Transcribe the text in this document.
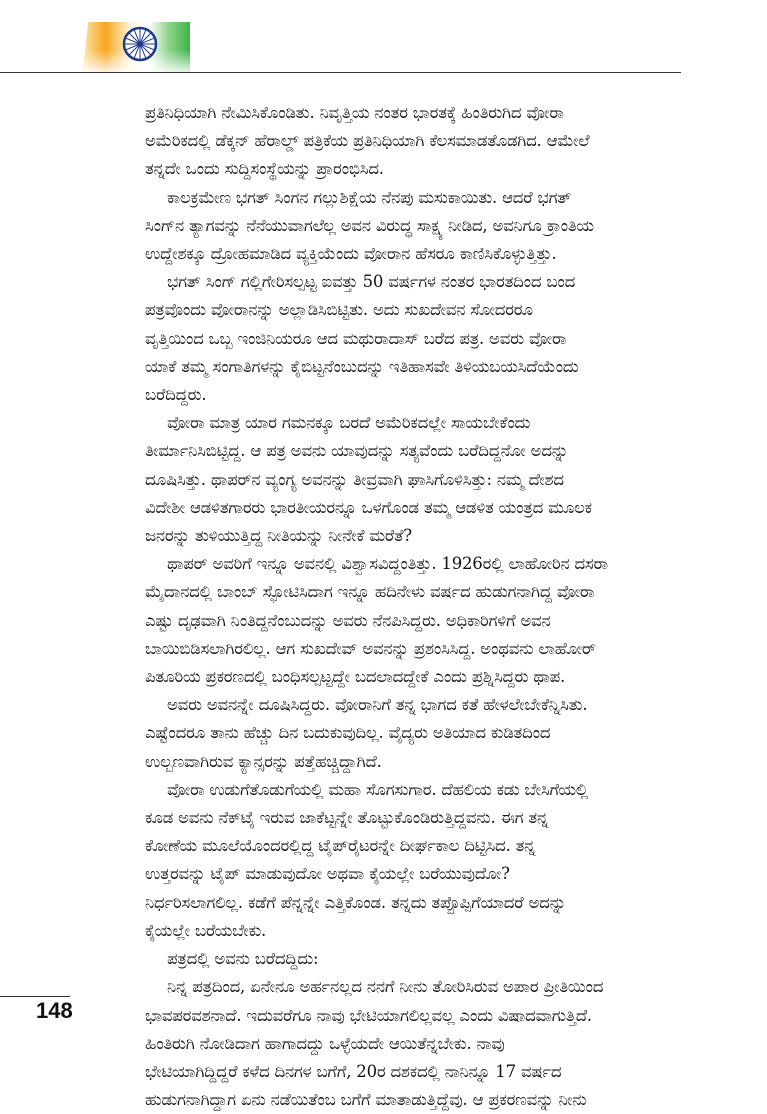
ಪ್ರತಿನಿಧಿಯಾಗಿ ನೇಮಿಸಿಕೊಂಡಿತು. ನಿವೃತ್ತಿಯ ನಂತರ ಭಾರತಕ್ಕೆ ಹಿಂತಿರುಗಿದ ವೋರಾ
ಅಮೆರಿಕದಲ್ಲಿ ಡೆಕ್ಕನ್ ಹೆರಾಲ್ಡ್ ಪತ್ರಿಕೆಯ ಪ್ರತಿನಿಧಿಯಾಗಿ ಕೆಲಸಮಾಡತೊಡಗಿದ. ಆಮೇಲೆ
ತನ್ನದೇ ಒಂದು ಸುದ್ದಿಸಂಸ್ಥೆಯನ್ನು ಪ್ರಾರಂಭಿಸಿದ.

ಕಾಲಕ್ರಮೇಣ ಭಗತ್ ಸಿಂಗನ ಗಲ್ಲುಶಿಕ್ಷೆಯ ನೆನಪು ಮಸುಕಾಯಿತು. ಆದರೆ ಭಗತ್
ಸಿಂಗ್‌ನ ತ್ಯಾಗವನ್ನು ನೆನೆಯುವಾಗಲೆಲ್ಲ ಅವನ ವಿರುದ್ಧ ಸಾಕ್ಷ್ಯ ನೀಡಿದ, ಅವನಿಗೂ ಕ್ರಾಂತಿಯ
ಉದ್ದೇಶಕ್ಕೂ ದ್ರೋಹಮಾಡಿದ ವ್ಯಕ್ತಿಯೆಂದು ವೋರಾನ ಹೆಸರೂ ಕಾಣಿಸಿಕೊಳ್ಳುತ್ತಿತ್ತು.

ಭಗತ್ ಸಿಂಗ್ ಗಲ್ಲಿಗೇರಿಸಲ್ಪಟ್ಟ ಐವತ್ತು 50 ವರ್ಷಗಳ ನಂತರ ಭಾರತದಿಂದ ಬಂದ
ಪತ್ರವೊಂದು ವೋರಾನನ್ನು ಅಲ್ಲಾಡಿಸಿಬಿಟ್ಟಿತು. ಅದು ಸುಖದೇವನ ಸೋದರರೂ
ವೃತ್ತಿಯಿಂದ ಒಬ್ಬ ಇಂಜಿನಿಯರೂ ಆದ ಮಥುರಾದಾಸ್ ಬರೆದ ಪತ್ರ. ಅವರು ವೋರಾ
ಯಾಕೆ ತಮ್ಮ ಸಂಗಾತಿಗಳನ್ನು ಕೈಬಿಟ್ಟನೆಂಬುದನ್ನು ಇತಿಹಾಸವೇ ತಿಳಿಯಬಯಸಿದೆಯೆಂದು
ಬರೆದಿದ್ದರು.

ವೋರಾ ಮಾತ್ರ ಯಾರ ಗಮನಕ್ಕೂ ಬರದೆ ಅಮೆರಿಕದಲ್ಲೇ ಸಾಯಬೇಕೆಂದು
ತೀರ್ಮಾನಿಸಿಬಿಟ್ಟಿದ್ದ. ಆ ಪತ್ರ ಅವನು ಯಾವುದನ್ನು ಸತ್ಯವೆಂದು ಬರೆದಿದ್ದನೋ ಅದನ್ನು
ದೂಷಿಸಿತ್ತು. ಥಾಪರ್‌ನ ವ್ಯಂಗ್ಯ ಅವನನ್ನು ತೀವ್ರವಾಗಿ ಘಾಸಿಗೊಳಿಸಿತ್ತು: ನಮ್ಮ ದೇಶದ
ವಿದೇಶೀ ಆಡಳಿತಗಾರರು ಭಾರತೀಯರನ್ನೂ ಒಳಗೊಂಡ ತಮ್ಮ ಆಡಳಿತ ಯಂತ್ರದ ಮೂಲಕ
ಜನರನ್ನು ತುಳಿಯುತ್ತಿದ್ದ ನೀತಿಯನ್ನು ನೀನೇಕೆ ಮರೆತೆ?

ಥಾಪರ್ ಅವರಿಗೆ ಇನ್ನೂ ಅವನಲ್ಲಿ ವಿಶ್ವಾಸವಿದ್ದಂತಿತ್ತು. 1926ರಲ್ಲಿ ಲಾಹೋರಿನ ದಸರಾ
ಮೈದಾನದಲ್ಲಿ ಬಾಂಬ್ ಸ್ಫೋಟಿಸಿದಾಗ ಇನ್ನೂ ಹದಿನೇಳು ವರ್ಷದ ಹುಡುಗನಾಗಿದ್ದ ವೋರಾ
ಎಷ್ಟು ದೃಢವಾಗಿ ನಿಂತಿದ್ದನೆಂಬುದನ್ನು ಅವರು ನೆನಪಿಸಿದ್ದರು. ಅಧಿಕಾರಿಗಳಿಗೆ ಅವನ
ಬಾಯಿಬಿಡಿಸಲಾಗಿರಲಿಲ್ಲ. ಆಗ ಸುಖದೇವ್ ಅವನನ್ನು ಪ್ರಶಂಸಿಸಿದ್ದ. ಅಂಥವನು ಲಾಹೋರ್
ಪಿತೂರಿಯ ಪ್ರಕರಣದಲ್ಲಿ ಬಂಧಿಸಲ್ಪಟ್ಟದ್ದೇ ಬದಲಾದದ್ದೇಕೆ ಎಂದು ಪ್ರಶ್ನಿಸಿದ್ದರು ಥಾಪ.

ಅವರು ಅವನನ್ನೇ ದೂಷಿಸಿದ್ದರು. ವೋರಾನಿಗೆ ತನ್ನ ಭಾಗದ ಕತೆ ಹೇಳಲೇಬೇಕೆನ್ನಿಸಿತು.
ಎಷ್ಟೆಂದರೂ ತಾನು ಹೆಚ್ಚು ದಿನ ಬದುಕುವುದಿಲ್ಲ. ವೈದ್ಯರು ಅತಿಯಾದ ಕುಡಿತದಿಂದ
ಉಲ್ಬಣವಾಗಿರುವ ಕ್ಯಾನ್ಸರನ್ನು ಪತ್ತೆಹಚ್ಚಿದ್ದಾಗಿದೆ.

ವೋರಾ ಉಡುಗೆತೊಡುಗೆಯಲ್ಲಿ ಮಹಾ ಸೊಗಸುಗಾರ. ದೆಹಲಿಯ ಕಡು ಬೇಸಿಗೆಯಲ್ಲಿ
ಕೂಡ ಅವನು ನೆಕ್‌ಟೈ ಇರುವ ಜಾಕೆಟ್ಟನ್ನೇ ತೊಟ್ಟುಕೊಂಡಿರುತ್ತಿದ್ದವನು. ಈಗ ತನ್ನ
ಕೋಣೆಯ ಮೂಲೆಯೊಂದರಲ್ಲಿದ್ದ ಟೈಪ್‌ರೈಟರನ್ನೇ ದೀರ್ಘಕಾಲ ದಿಟ್ಟಿಸಿದ. ತನ್ನ
ಉತ್ತರವನ್ನು ಟೈಪ್ ಮಾಡುವುದೋ ಅಥವಾ ಕೈಯಲ್ಲೇ ಬರೆಯುವುದೋ?
ನಿರ್ಧರಿಸಲಾಗಲಿಲ್ಲ. ಕಡೆಗೆ ಪೆನ್ನನ್ನೇ ಎತ್ತಿಕೊಂಡ. ತನ್ನದು ತಪ್ಪೊಪ್ಪಿಗೆಯಾದರೆ ಅದನ್ನು
ಕೈಯಲ್ಲೇ ಬರೆಯಬೇಕು.

ಪತ್ರದಲ್ಲಿ ಅವನು ಬರೆದದ್ದಿದು:

ನಿನ್ನ ಪತ್ರದಿಂದ, ಏನೇನೂ ಅರ್ಹನಲ್ಲದ ನನಗೆ ನೀನು ತೋರಿಸಿರುವ ಅಪಾರ ಪ್ರೀತಿಯಿಂದ
ಭಾವಪರವಶನಾದೆ. ಇದುವರೆಗೂ ನಾವು ಭೇಟಿಯಾಗಲಿಲ್ಲವಲ್ಲ ಎಂದು ವಿಷಾದವಾಗುತ್ತಿದೆ.
ಹಿಂತಿರುಗಿ ನೋಡಿದಾಗ ಹಾಗಾದದ್ದು ಒಳ್ಳೆಯದೇ ಆಯಿತೆನ್ನಬೇಕು. ನಾವು
ಭೇಟಿಯಾಗಿದ್ದಿದ್ದರೆ ಕಳೆದ ದಿನಗಳ ಬಗೆಗೆ, 20ರ ದಶಕದಲ್ಲಿ ನಾನಿನ್ನೂ 17 ವರ್ಷದ
ಹುಡುಗನಾಗಿದ್ದಾಗ ಏನು ನಡೆಯಿತೆಂಬ ಬಗೆಗೆ ಮಾತಾಡುತ್ತಿದ್ದೆವು. ಆ ಪ್ರಕರಣವನ್ನು ನೀನು

148
